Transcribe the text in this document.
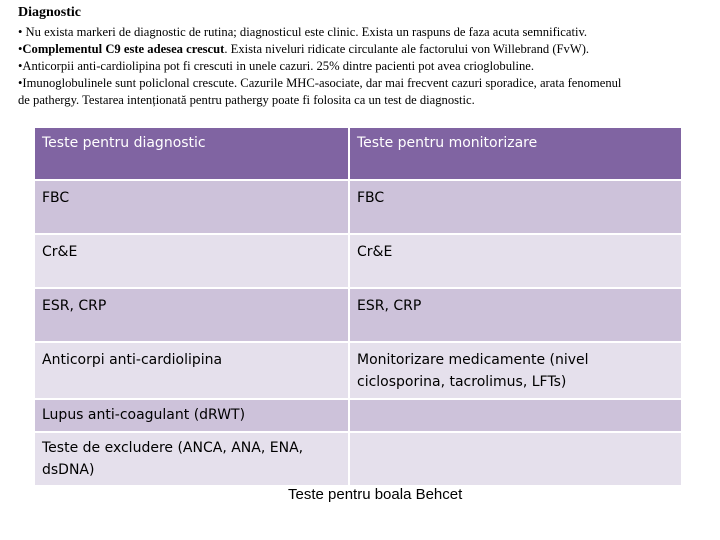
Diagnostic
• Nu exista markeri de diagnostic de rutina; diagnosticul este clinic. Exista un raspuns de faza acuta semnificativ.
•Complementul C9 este adesea crescut. Exista niveluri ridicate circulante ale factorului von Willebrand (FvW).
•Anticorpii anti-cardiolipina pot fi crescuti in unele cazuri. 25% dintre pacienti pot avea crioglobuline.
•Imunoglobulinele sunt policlonal crescute. Cazurile MHC-asociate, dar mai frecvent cazuri sporadice, arata fenomenul
de pathergy. Testarea intenționată pentru pathergy poate fi folosita ca un test de diagnostic.
Teste pentru diagnostic	Teste pentru monitorizare
FBC	FBC
Cr&E	Cr&E
ESR, CRP	ESR, CRP
Anticorpi anti-cardiolipina	Monitorizare medicamente (nivel ciclosporina, tacrolimus, LFTs)
Lupus anti-coagulant (dRWT)	
Teste de excludere (ANCA, ANA, ENA, dsDNA)	
Teste pentru boala Behcet
